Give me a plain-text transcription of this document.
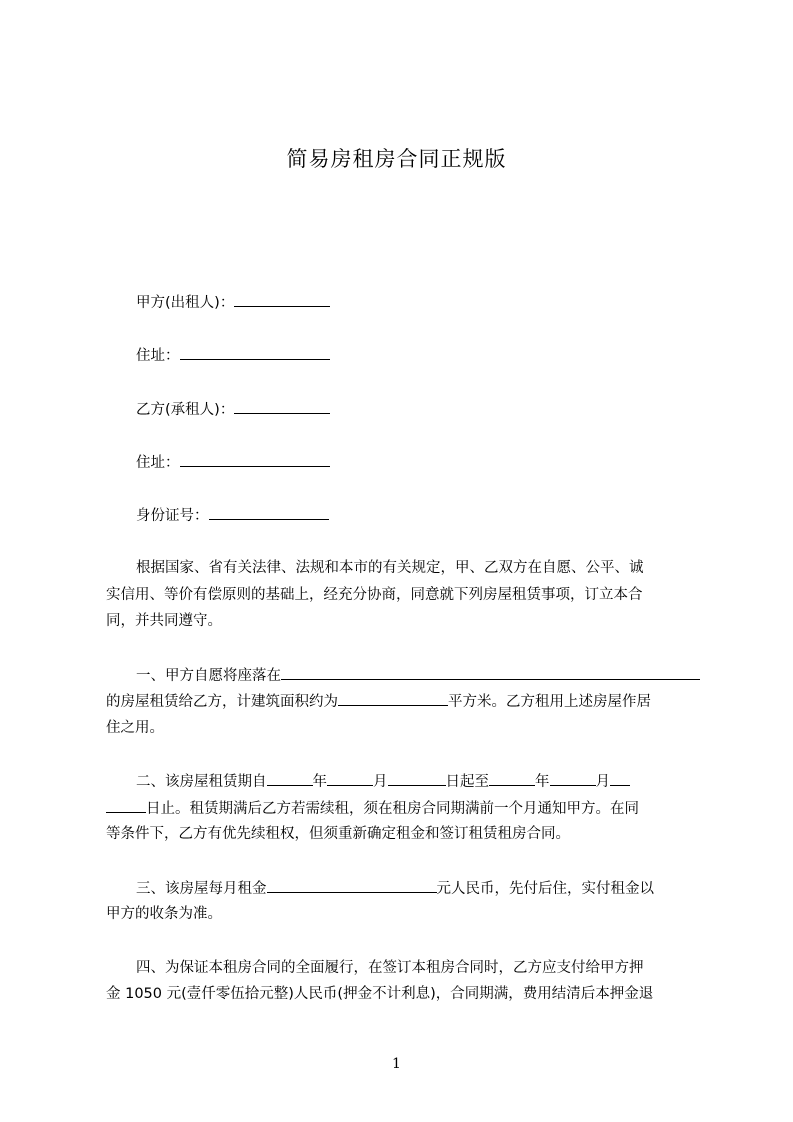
简易房租房合同正规版
甲方(出租人)：
住址：
乙方(承租人)：
住址：
身份证号：
根据国家、省有关法律、法规和本市的有关规定，甲、乙双方在自愿、公平、诚
实信用、等价有偿原则的基础上，经充分协商，同意就下列房屋租赁事项，订立本合
同，并共同遵守。
一、甲方自愿将座落在
的房屋租赁给乙方，计建筑面积约为	平方米。乙方租用上述房屋作居
住之用。
二、该房屋租赁期自	年	月	日起至	年	月
日止。租赁期满后乙方若需续租，须在租房合同期满前一个月通知甲方。在同
等条件下，乙方有优先续租权，但须重新确定租金和签订租赁租房合同。
三、该房屋每月租金	元人民币，先付后住，实付租金以
甲方的收条为准。
四、为保证本租房合同的全面履行，在签订本租房合同时，乙方应支付给甲方押
金 1050 元(壹仟零伍拾元整)人民币(押金不计利息)，合同期满，费用结清后本押金退
1
